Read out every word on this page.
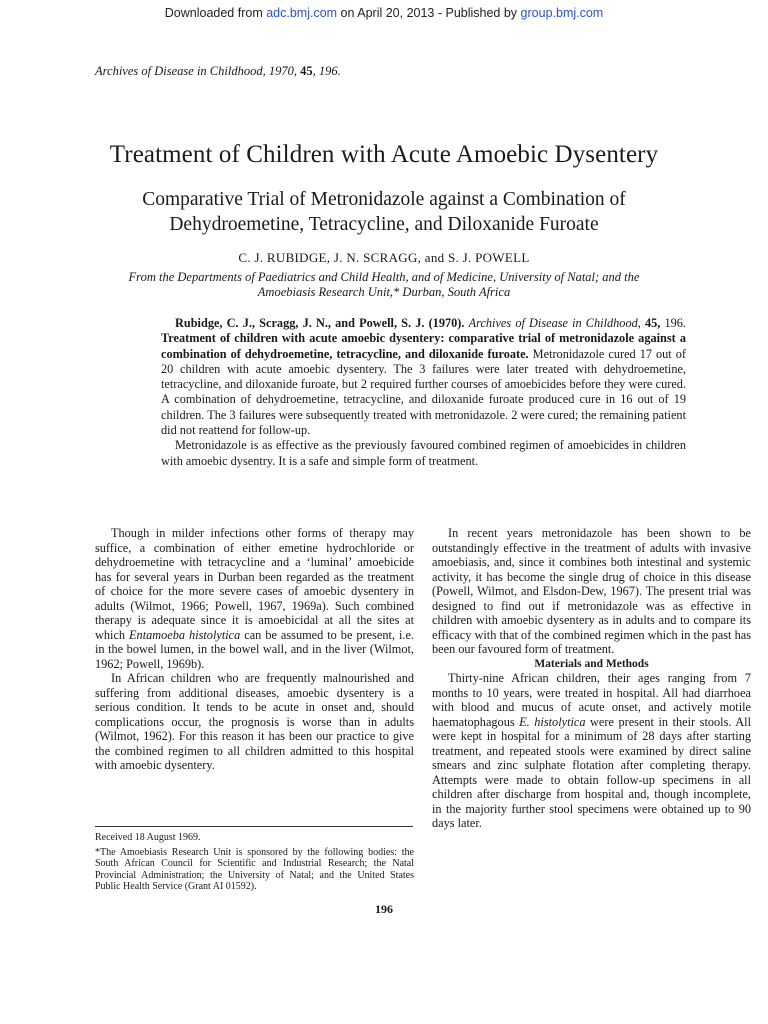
Downloaded from adc.bmj.com on April 20, 2013 - Published by group.bmj.com
Archives of Disease in Childhood, 1970, 45, 196.
Treatment of Children with Acute Amoebic Dysentery
Comparative Trial of Metronidazole against a Combination of Dehydroemetine, Tetracycline, and Diloxanide Furoate
C. J. RUBIDGE, J. N. SCRAGG, and S. J. POWELL
From the Departments of Paediatrics and Child Health, and of Medicine, University of Natal; and the Amoebiasis Research Unit,* Durban, South Africa

Rubidge, C. J., Scragg, J. N., and Powell, S. J. (1970). Archives of Disease in Childhood, 45, 196. Treatment of children with acute amoebic dysentery: comparative trial of metronidazole against a combination of dehydroemetine, tetracycline, and diloxanide furoate. Metronidazole cured 17 out of 20 children with acute amoebic dysentery. The 3 failures were later treated with dehydroemetine, tetracycline, and diloxanide furoate, but 2 required further courses of amoebicides before they were cured. A combination of dehydroemetine, tetracycline, and diloxanide furoate produced cure in 16 out of 19 children. The 3 failures were subsequently treated with metronidazole. 2 were cured; the remaining patient did not reattend for follow-up.

Metronidazole is as effective as the previously favoured combined regimen of amoebicides in children with amoebic dysentry. It is a safe and simple form of treatment.

Though in milder infections other forms of therapy may suffice, a combination of either emetine hydrochloride or dehydroemetine with tetracycline and a ‘luminal’ amoebicide has for several years in Durban been regarded as the treatment of choice for the more severe cases of amoebic dysentery in adults (Wilmot, 1966; Powell, 1967, 1969a). Such combined therapy is adequate since it is amoebicidal at all the sites at which Entamoeba histolytica can be assumed to be present, i.e. in the bowel lumen, in the bowel wall, and in the liver (Wilmot, 1962; Powell, 1969b).

In African children who are frequently malnourished and suffering from additional diseases, amoebic dysentery is a serious condition. It tends to be acute in onset and, should complications occur, the prognosis is worse than in adults (Wilmot, 1962). For this reason it has been our practice to give the combined regimen to all children admitted to this hospital with amoebic dysentery.

Received 18 August 1969.

*The Amoebiasis Research Unit is sponsored by the following bodies: the South African Council for Scientific and Industrial Research; the Natal Provincial Administration; the University of Natal; and the United States Public Health Service (Grant AI 01592).

In recent years metronidazole has been shown to be outstandingly effective in the treatment of adults with invasive amoebiasis, and, since it combines both intestinal and systemic activity, it has become the single drug of choice in this disease (Powell, Wilmot, and Elsdon-Dew, 1967). The present trial was designed to find out if metronidazole was as effective in children with amoebic dysentery as in adults and to compare its efficacy with that of the combined regimen which in the past has been our favoured form of treatment.

Materials and Methods

Thirty-nine African children, their ages ranging from 7 months to 10 years, were treated in hospital. All had diarrhoea with blood and mucus of acute onset, and actively motile haematophagous E. histolytica were present in their stools. All were kept in hospital for a minimum of 28 days after starting treatment, and repeated stools were examined by direct saline smears and zinc sulphate flotation after completing therapy. Attempts were made to obtain follow-up specimens in all children after discharge from hospital and, though incomplete, in the majority further stool specimens were obtained up to 90 days later.

196
